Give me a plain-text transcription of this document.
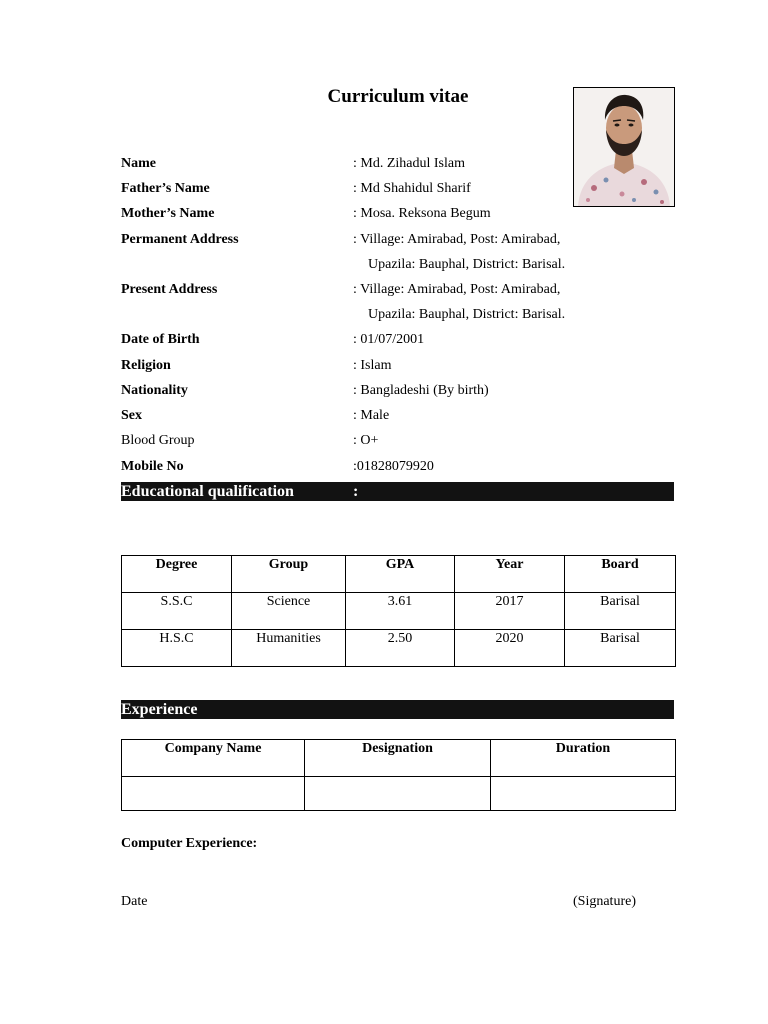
Curriculum vitae
Name	: Md. Zihadul Islam
Father’s Name	: Md Shahidul Sharif
Mother’s Name	: Mosa. Reksona Begum
Permanent Address	: Village: Amirabad, Post: Amirabad,
Upazila: Bauphal, District: Barisal.
Present Address	: Village: Amirabad, Post: Amirabad,
Upazila: Bauphal, District: Barisal.
Date of Birth	: 01/07/2001
Religion	: Islam
Nationality	: Bangladeshi (By birth)
Sex	: Male
Blood Group	: O+
Mobile No	:01828079920
Educational qualification	:
Degree	Group	GPA	Year	Board
S.S.C	Science	3.61	2017	Barisal
H.S.C	Humanities	2.50	2020	Barisal
Experience
Company Name	Designation	Duration

Computer Experience:
Date	(Signature)
